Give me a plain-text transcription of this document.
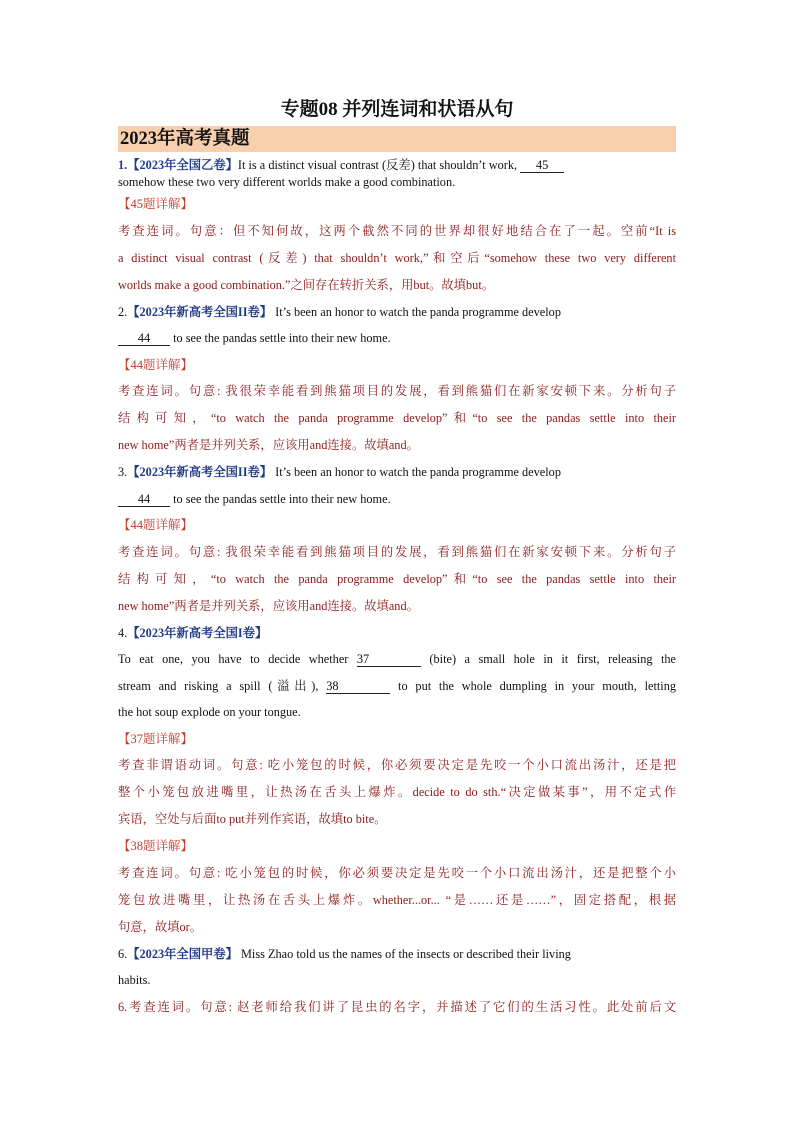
专题08 并列连词和状语从句
2023年高考真题
1.【2023年全国乙卷】It is a distinct visual contrast (反差) that shouldn’t work, 45
somehow these two very different worlds make a good combination.
【45题详解】
考查连词。句意：但不知何故，这两个截然不同的世界却很好地结合在了一起。空前“It is
a distinct visual contrast (反差) that shouldn’t work,”和空后“somehow these two very different
worlds make a good combination.”之间存在转折关系，用but。故填but。
2.【2023年新高考全国II卷】 It’s been an honor to watch the panda programme develop
44 to see the pandas settle into their new home.
【44题详解】
考查连词。句意: 我很荣幸能看到熊猫项目的发展，看到熊猫们在新家安顿下来。分析句子
结构可知，“to watch the panda programme develop”和“to see the pandas settle into their
new home”两者是并列关系，应该用and连接。故填and。
3.【2023年新高考全国II卷】 It’s been an honor to watch the panda programme develop
44 to see the pandas settle into their new home.
【44题详解】
考查连词。句意: 我很荣幸能看到熊猫项目的发展，看到熊猫们在新家安顿下来。分析句子
结构可知，“to watch the panda programme develop”和“to see the pandas settle into their
new home”两者是并列关系，应该用and连接。故填and。
4.【2023年新高考全国I卷】
To eat one, you have to decide whether 37	(bite) a small hole in it first, releasing the
stream and risking a spill (溢出), 38	to put the whole dumpling in your mouth, letting
the hot soup explode on your tongue.
【37题详解】
考查非谓语动词。句意: 吃小笼包的时候，你必须要决定是先咬一个小口流出汤汁，还是把
整个小笼包放进嘴里，让热汤在舌头上爆炸。decide to do sth.“决定做某事”，用不定式作
宾语，空处与后面to put并列作宾语，故填to bite。
【38题详解】
考查连词。句意: 吃小笼包的时候，你必须要决定是先咬一个小口流出汤汁，还是把整个小
笼包放进嘴里，让热汤在舌头上爆炸。whether...or... “是……还是……”，固定搭配，根据
句意，故填or。
6.【2023年全国甲卷】 Miss Zhao told us the names of the insects or described their living
habits.
6.考查连词。句意: 赵老师给我们讲了昆虫的名字，并描述了它们的生活习性。此处前后文
